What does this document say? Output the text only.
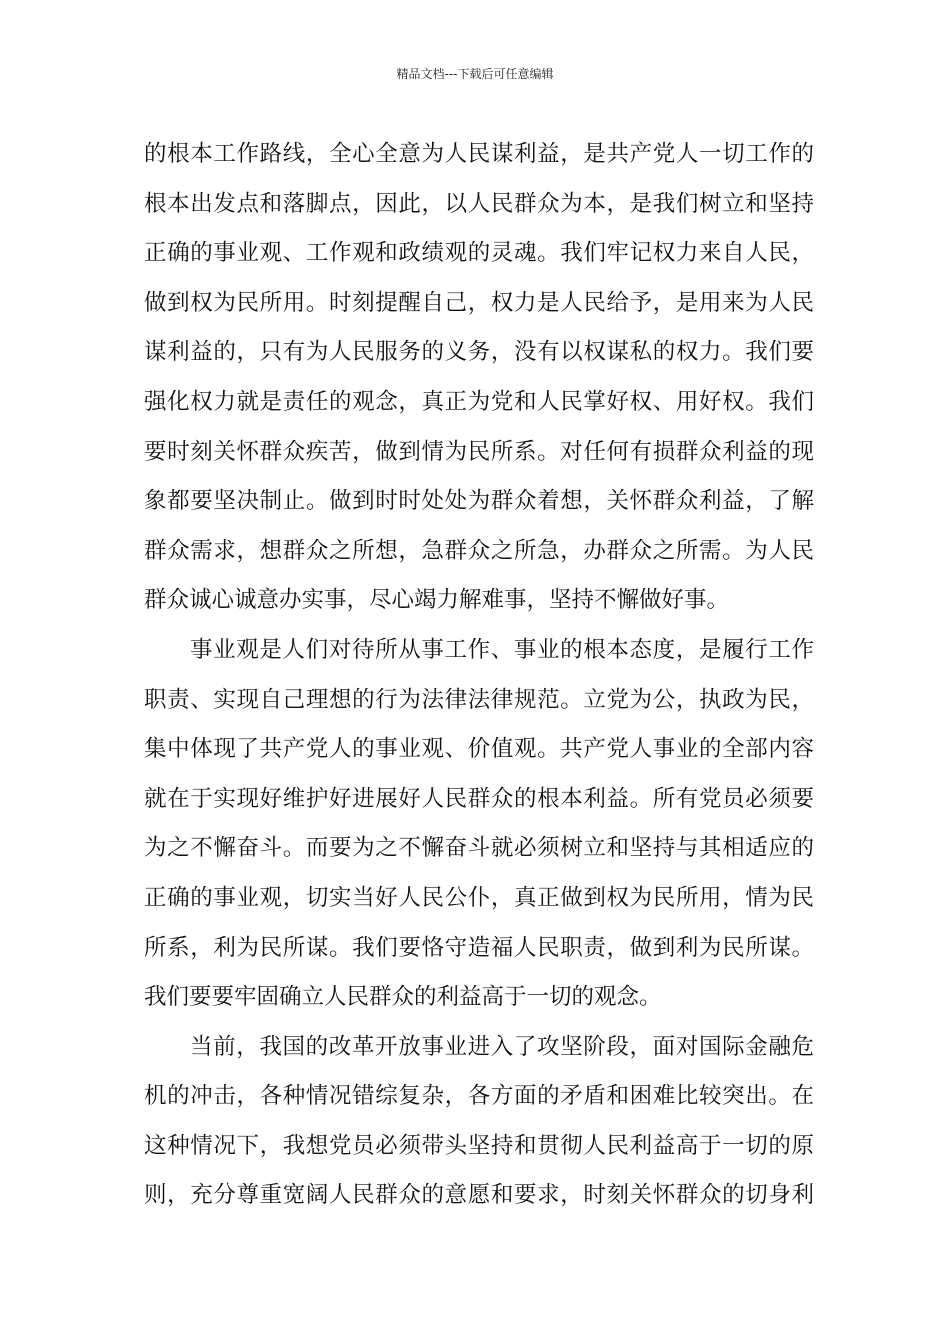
精品文档---下载后可任意编辑
的根本工作路线，全心全意为人民谋利益，是共产党人一切工作的
根本出发点和落脚点，因此，以人民群众为本，是我们树立和坚持
正确的事业观、工作观和政绩观的灵魂。我们牢记权力来自人民，
做到权为民所用。时刻提醒自己，权力是人民给予，是用来为人民
谋利益的，只有为人民服务的义务，没有以权谋私的权力。我们要
强化权力就是责任的观念，真正为党和人民掌好权、用好权。我们
要时刻关怀群众疾苦，做到情为民所系。对任何有损群众利益的现
象都要坚决制止。做到时时处处为群众着想，关怀群众利益，了解
群众需求，想群众之所想，急群众之所急，办群众之所需。为人民
群众诚心诚意办实事，尽心竭力解难事，坚持不懈做好事。
事业观是人们对待所从事工作、事业的根本态度，是履行工作
职责、实现自己理想的行为法律法律规范。立党为公，执政为民，
集中体现了共产党人的事业观、价值观。共产党人事业的全部内容
就在于实现好维护好进展好人民群众的根本利益。所有党员必须要
为之不懈奋斗。而要为之不懈奋斗就必须树立和坚持与其相适应的
正确的事业观，切实当好人民公仆，真正做到权为民所用，情为民
所系，利为民所谋。我们要恪守造福人民职责，做到利为民所谋。
我们要要牢固确立人民群众的利益高于一切的观念。
当前，我国的改革开放事业进入了攻坚阶段，面对国际金融危
机的冲击，各种情况错综复杂，各方面的矛盾和困难比较突出。在
这种情况下，我想党员必须带头坚持和贯彻人民利益高于一切的原
则，充分尊重宽阔人民群众的意愿和要求，时刻关怀群众的切身利
